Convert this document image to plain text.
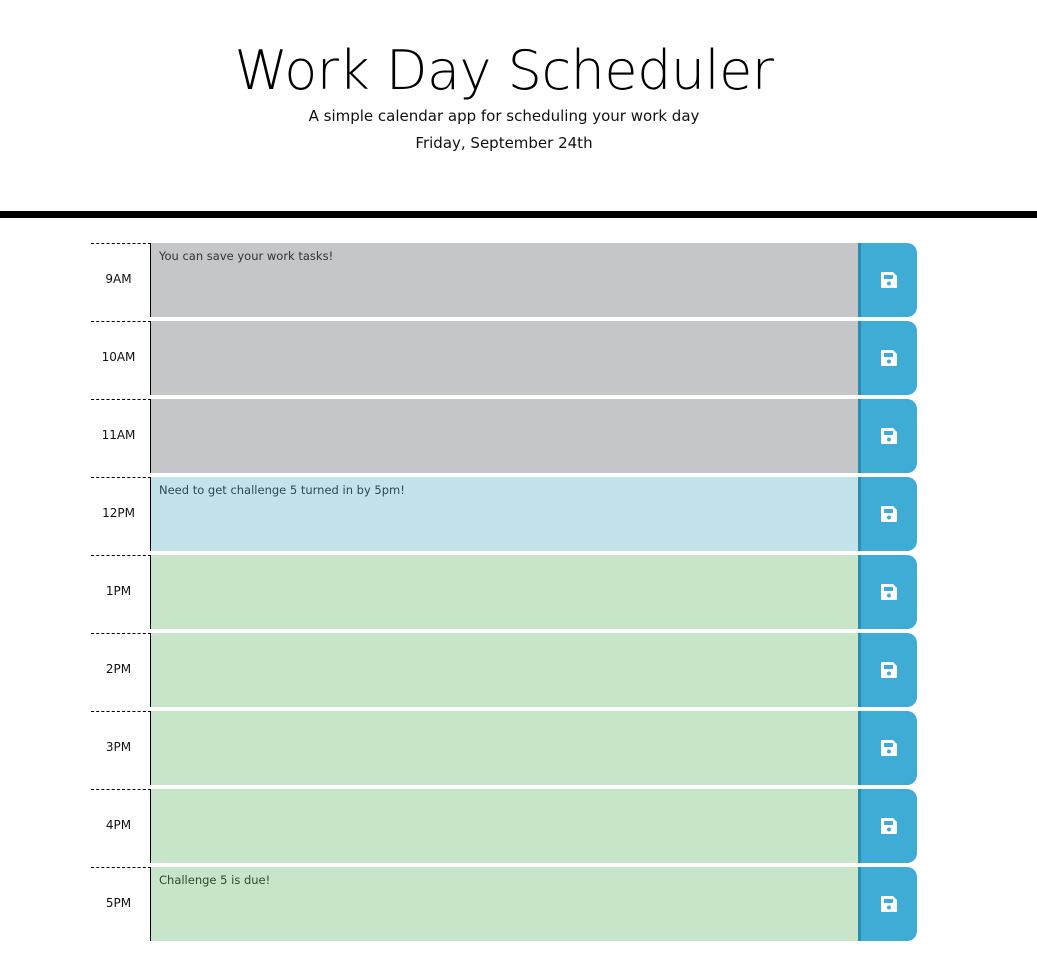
Work Day Scheduler

A simple calendar app for scheduling your work day

Friday, September 24th

9AM
You can save your work tasks!
10AM
11AM
12PM
Need to get challenge 5 turned in by 5pm!
1PM
2PM
3PM
4PM
5PM
Challenge 5 is due!
